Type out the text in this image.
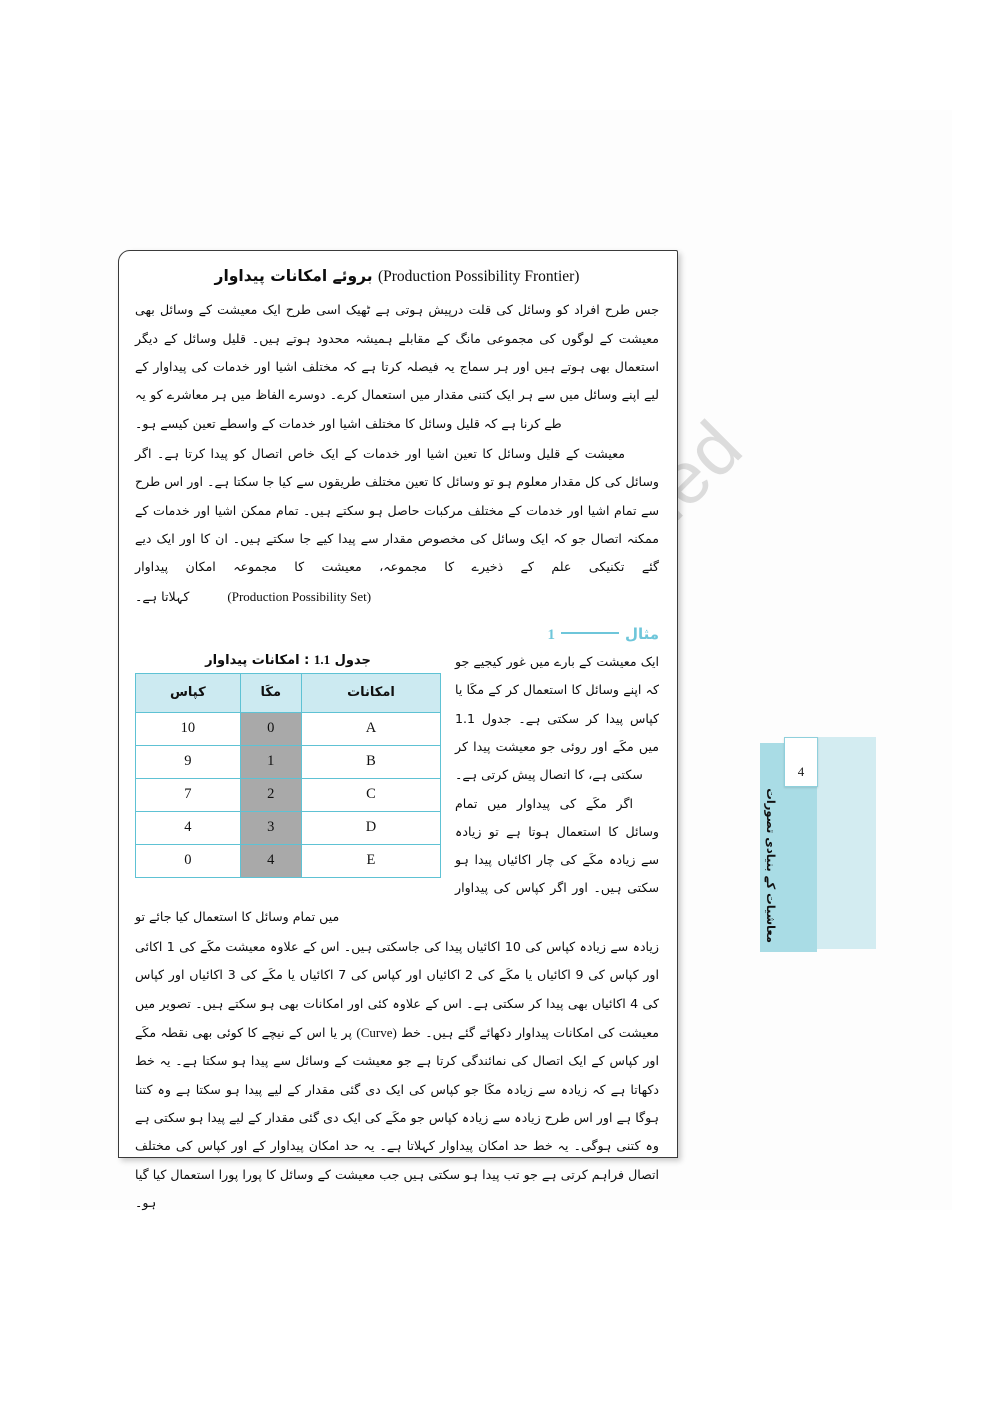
4
معاشیات کے بنیادی تصورات
(Production Possibility Frontier) بروئے امکانات پیداوار

جس طرح افراد کو وسائل کی قلت درپیش ہوتی ہے ٹھیک اسی طرح ایک معیشت کے وسائل بھی معیشت کے لوگوں کی مجموعی مانگ کے مقابلے ہمیشہ محدود ہوتے ہیں۔ قلیل وسائل کے دیگر استعمال بھی ہوتے ہیں اور ہر سماج یہ فیصلہ کرتا ہے کہ مختلف اشیا اور خدمات کی پیداوار کے لیے اپنے وسائل میں سے ہر ایک کتنی مقدار میں استعمال کرے۔ دوسرے الفاظ میں ہر معاشرے کو یہ طے کرنا ہے کہ قلیل وسائل کا مختلف اشیا اور خدمات کے واسطے تعین کیسے ہو۔

معیشت کے قلیل وسائل کا تعین اشیا اور خدمات کے ایک خاص اتصال کو پیدا کرتا ہے۔ اگر وسائل کی کل مقدار معلوم ہو تو وسائل کا تعین مختلف طریقوں سے کیا جا سکتا ہے۔ اور اس طرح سے تمام اشیا اور خدمات کے مختلف مرکبات حاصل ہو سکتے ہیں۔ تمام ممکن اشیا اور خدمات کے ممکنہ اتصال جو کہ ایک وسائل کی مخصوص مقدار سے پیدا کیے جا سکتے ہیں۔ ان کا اور ایک دیے گئے تکنیکی علم کے ذخیرے کا مجموعہ، معیشت کا مجموعہ امکان پیداوار (Production Possibility Set) کہلاتا ہے۔

مثال1
جدول 1.1 : امکانات پیداوار
امکانات	مکَا	کپاس
A	0	10
B	1	9
C	2	7
D	3	4
E	4	0

ایک معیشت کے بارے میں غور کیجیے جو کہ اپنے وسائل کا استعمال کر کے مکَا یا کپاس پیدا کر سکتی ہے۔ جدول 1.1 میں مکَے اور روئی جو معیشت پیدا کر سکتی ہے، کا اتصال پیش کرتی ہے۔

اگر مکَے کی پیداوار میں تمام وسائل کا استعمال ہوتا ہے تو زیادہ سے زیادہ مکَے کی چار اکائیاں پیدا ہو سکتی ہیں۔ اور اگر کپاس کی پیداوار میں تمام وسائل کا استعمال کیا جائے تو

زیادہ سے زیادہ کپاس کی 10 اکائیاں پیدا کی جاسکتی ہیں۔ اس کے علاوہ معیشت مکَے کی 1 اکائی اور کپاس کی 9 اکائیاں یا مکَے کی 2 اکائیاں اور کپاس کی 7 اکائیاں یا مکَے کی 3 اکائیاں اور کپاس کی 4 اکائیاں بھی پیدا کر سکتی ہے۔ اس کے علاوہ کئی اور امکانات بھی ہو سکتے ہیں۔ تصویر میں معیشت کی امکانات پیداوار دکھائے گئے ہیں۔ خط (Curve) پر یا اس کے نیچے کا کوئی بھی نقطہ مکَے اور کپاس کے ایک اتصال کی نمائندگی کرتا ہے جو معیشت کے وسائل سے پیدا ہو سکتا ہے۔ یہ خط دکھاتا ہے کہ زیادہ سے زیادہ مکَا جو کپاس کی ایک دی گئی مقدار کے لیے پیدا ہو سکتا ہے وہ کتنا ہوگا ہے اور اس طرح زیادہ سے زیادہ کپاس جو مکَے کی ایک دی گئی مقدار کے لیے پیدا ہو سکتی ہے وہ کتنی ہوگی۔ یہ خط حد امکان پیداوار کہلاتا ہے۔ یہ حد امکان پیداوار کے اور کپاس کی مختلف اتصال فراہم کرتی ہے جو تب پیدا ہو سکتی ہیں جب معیشت کے وسائل کا پورا پورا استعمال کیا گیا ہو۔
